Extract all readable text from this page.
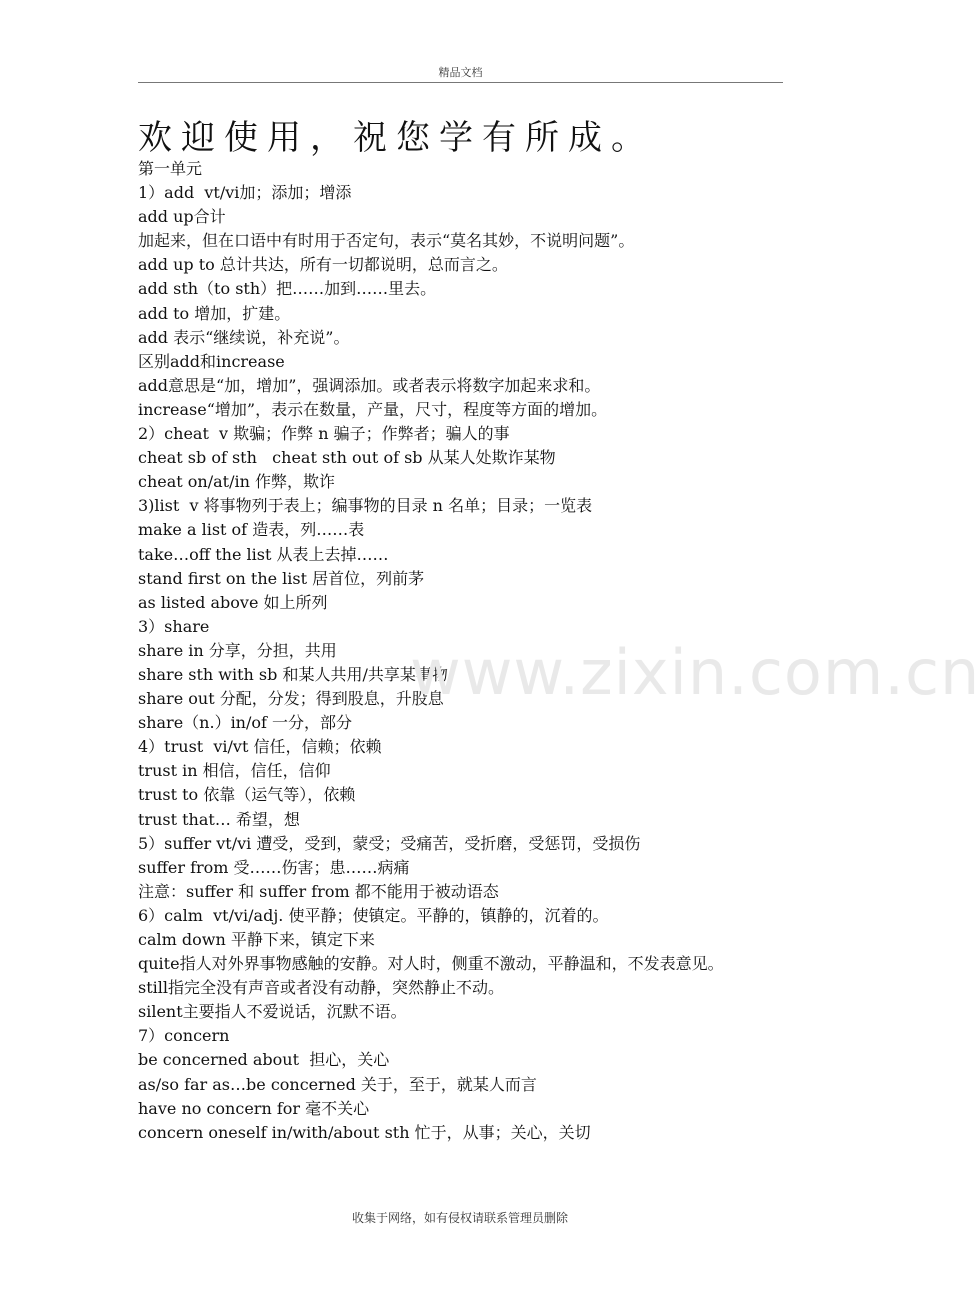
精品文档
欢迎使用，祝您学有所成。
第一单元
1）add  vt/vi加；添加；增添
add up合计
加起来，但在口语中有时用于否定句，表示“莫名其妙，不说明问题”。
add up to 总计共达，所有一切都说明，总而言之。
add sth（to sth）把……加到……里去。
add to 增加，扩建。
add 表示“继续说，补充说”。
区别add和increase
add意思是“加，增加”，强调添加。或者表示将数字加起来求和。
increase“增加”，表示在数量，产量，尺寸，程度等方面的增加。
2）cheat  v 欺骗；作弊 n 骗子；作弊者；骗人的事
cheat sb of sth   cheat sth out of sb 从某人处欺诈某物
cheat on/at/in 作弊，欺诈
3)list  v 将事物列于表上；编事物的目录 n 名单；目录；一览表
make a list of 造表，列……表
take…off the list 从表上去掉……
stand first on the list 居首位，列前茅
as listed above 如上所列
3）share
share in 分享，分担，共用
share sth with sb 和某人共用/共享某事物
share out 分配，分发；得到股息，升股息
share（n.）in/of 一分，部分
4）trust  vi/vt 信任，信赖；依赖
trust in 相信，信任，信仰
trust to 依靠（运气等），依赖
trust that… 希望，想
5）suffer vt/vi 遭受，受到，蒙受；受痛苦，受折磨，受惩罚，受损伤
suffer from 受……伤害；患……病痛
注意：suffer 和 suffer from 都不能用于被动语态
6）calm  vt/vi/adj. 使平静；使镇定。平静的，镇静的，沉着的。
calm down 平静下来，镇定下来
quite指人对外界事物感触的安静。对人时，侧重不激动，平静温和，不发表意见。
still指完全没有声音或者没有动静，突然静止不动。
silent主要指人不爱说话，沉默不语。
7）concern
be concerned about  担心，关心
as/so far as…be concerned 关于，至于，就某人而言
have no concern for 毫不关心
concern oneself in/with/about sth 忙于，从事；关心，关切
www.zixin.com.cn
收集于网络，如有侵权请联系管理员删除
